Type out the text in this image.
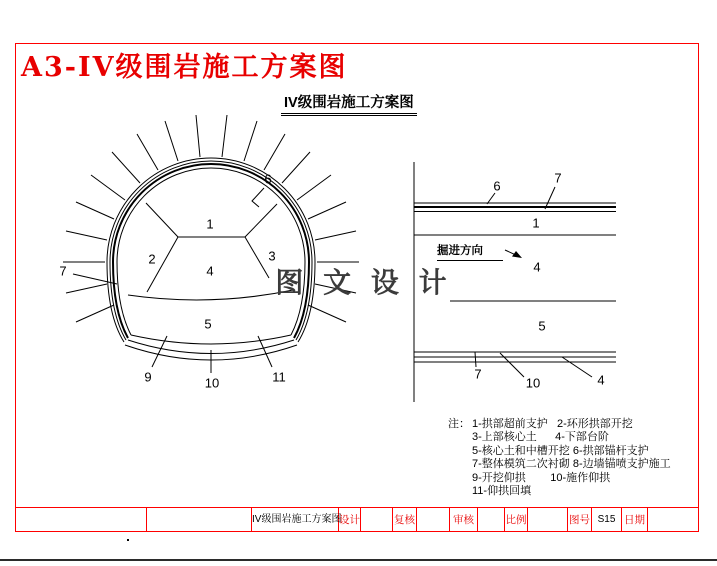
A3-IV级围岩施工方案图
IV级围岩施工方案图
1
2	3
4
5
6
7
9	10	11
6
7
1
4
5
7
10	4
掘进方向
图 文 设 计
注： 1-拱部超前支护   2-环形拱部开挖
3-上部核心土      4-下部台阶
5-核心土和中槽开挖 6-拱部锚杆支护
7-整体模筑二次衬砌 8-边墙锚喷支护施工
9-开挖仰拱        10-施作仰拱
11-仰拱回填
IV级围岩施工方案图
设计	复核	审核	比例	图号 S15 日期
